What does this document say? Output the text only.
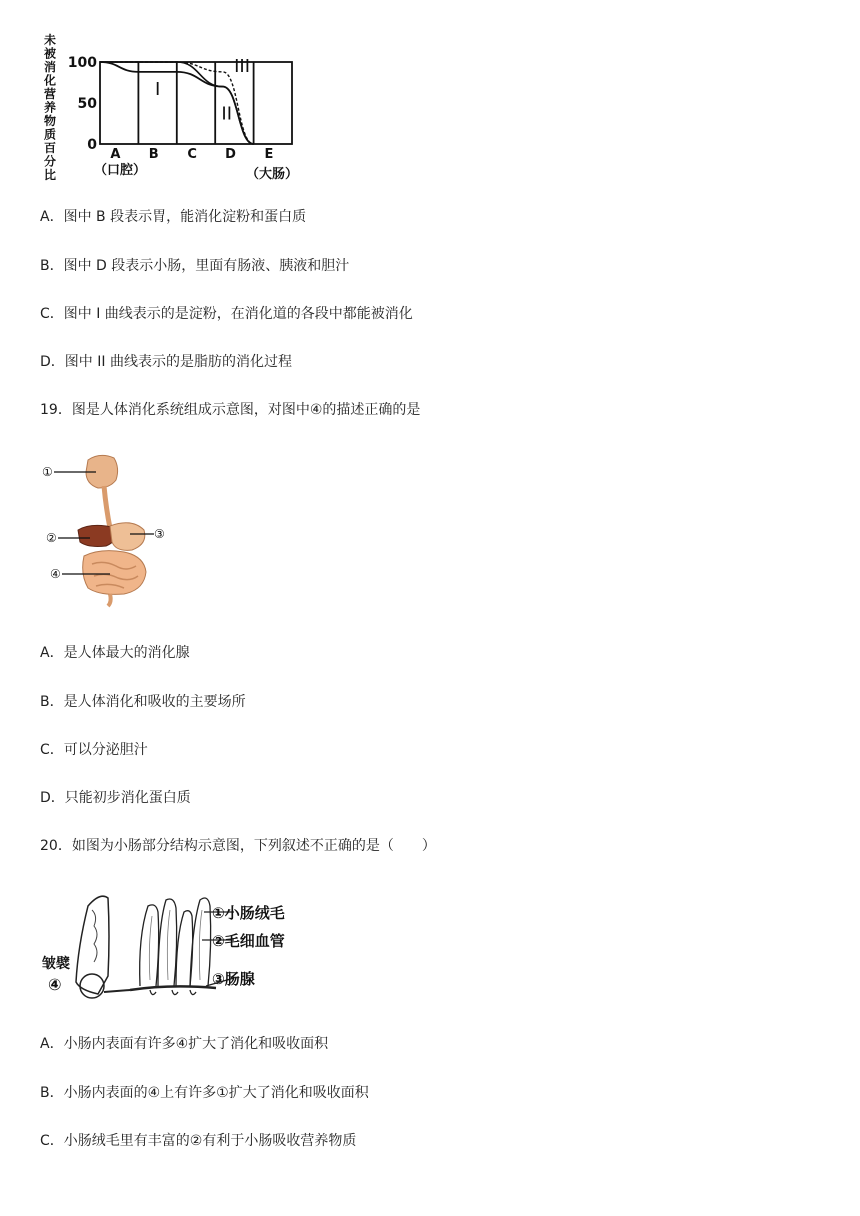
未
被
消
化
营
养
物
质
百
分
比
100
50
0
A B C D E
（口腔）	（大肠）
I
II
III
A．图中 B 段表示胃，能消化淀粉和蛋白质
B．图中 D 段表示小肠，里面有肠液、胰液和胆汁
C．图中 I 曲线表示的是淀粉，在消化道的各段中都能被消化
D．图中 II 曲线表示的是脂肪的消化过程
19．图是人体消化系统组成示意图，对图中④的描述正确的是
①
②	③
④
A．是人体最大的消化腺
B．是人体消化和吸收的主要场所
C．可以分泌胆汁
D．只能初步消化蛋白质
20．如图为小肠部分结构示意图，下列叙述不正确的是（　　）
①小肠绒毛
②毛细血管
③肠腺
皱襞
④
A．小肠内表面有许多④扩大了消化和吸收面积
B．小肠内表面的④上有许多①扩大了消化和吸收面积
C．小肠绒毛里有丰富的②有利于小肠吸收营养物质
